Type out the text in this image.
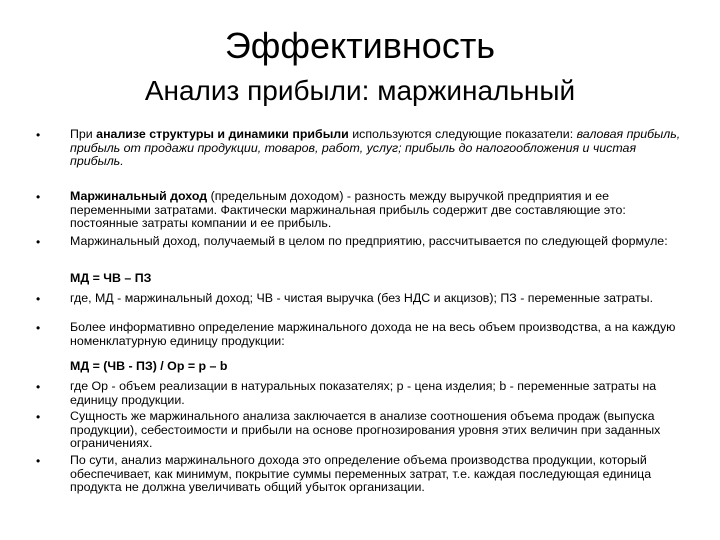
Эффективность
Анализ прибыли: маржинальный
•
•
•
•
•
•
•
•
При анализе структуры и динамики прибыли используются следующие показатели: валовая прибыль, прибыль от продажи продукции, товаров, работ, услуг; прибыль до налогообложения и чистая прибыль.
Маржинальный доход (предельным доходом) - разность между выручкой предприятия и ее переменными затратами. Фактически маржинальная прибыль содержит две составляющие это: постоянные затраты компании и ее прибыль.
Маржинальный доход, получаемый в целом по предприятию, рассчитывается по следующей формуле:
МД = ЧВ – ПЗ
где, МД - маржинальный доход; ЧВ - чистая выручка (без НДС и акцизов); ПЗ - переменные затраты.
Более информативно определение маржинального дохода не на весь объем производства, а на каждую номенклатурную единицу продукции:
МД = (ЧВ - ПЗ) / Ор = р – b
где Ор - объем реализации в натуральных показателях; р - цена изделия; b - переменные затраты на единицу продукции.
Сущность же маржинального анализа заключается в анализе соотношения объема продаж (выпуска продукции), себестоимости и прибыли на основе прогнозирования уровня этих величин при заданных ограничениях.
По сути, анализ маржинального дохода это определение объема производства продукции, который обеспечивает, как минимум, покрытие суммы переменных затрат, т.е. каждая последующая единица продукта не должна увеличивать общий убыток организации.
